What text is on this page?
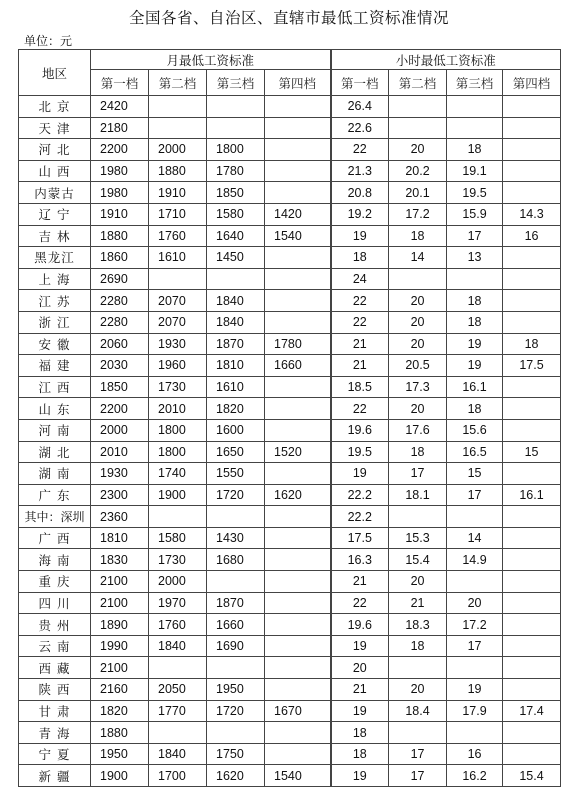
全国各省、自治区、直辖市最低工资标准情况
单位：元
地区	月最低工资标准				小时最低工资标准			
	第一档	第二档	第三档	第四档	第一档	第二档	第三档	第四档
北 京	2420				26.4			
天 津	2180				22.6			
河 北	2200	2000	1800		22	20	18	
山 西	1980	1880	1780		21.3	20.2	19.1	
内蒙古	1980	1910	1850		20.8	20.1	19.5	
辽 宁	1910	1710	1580	1420	19.2	17.2	15.9	14.3
吉 林	1880	1760	1640	1540	19	18	17	16
黑龙江	1860	1610	1450		18	14	13	
上 海	2690				24			
江 苏	2280	2070	1840		22	20	18	
浙 江	2280	2070	1840		22	20	18	
安 徽	2060	1930	1870	1780	21	20	19	18
福 建	2030	1960	1810	1660	21	20.5	19	17.5
江 西	1850	1730	1610		18.5	17.3	16.1	
山 东	2200	2010	1820		22	20	18	
河 南	2000	1800	1600		19.6	17.6	15.6	
湖 北	2010	1800	1650	1520	19.5	18	16.5	15
湖 南	1930	1740	1550		19	17	15	
广 东	2300	1900	1720	1620	22.2	18.1	17	16.1
其中：深圳	2360				22.2			
广 西	1810	1580	1430		17.5	15.3	14	
海 南	1830	1730	1680		16.3	15.4	14.9	
重 庆	2100	2000			21	20		
四 川	2100	1970	1870		22	21	20	
贵 州	1890	1760	1660		19.6	18.3	17.2	
云 南	1990	1840	1690		19	18	17	
西 藏	2100				20			
陕 西	2160	2050	1950		21	20	19	
甘 肃	1820	1770	1720	1670	19	18.4	17.9	17.4
青 海	1880				18			
宁 夏	1950	1840	1750		18	17	16	
新 疆	1900	1700	1620	1540	19	17	16.2	15.4
